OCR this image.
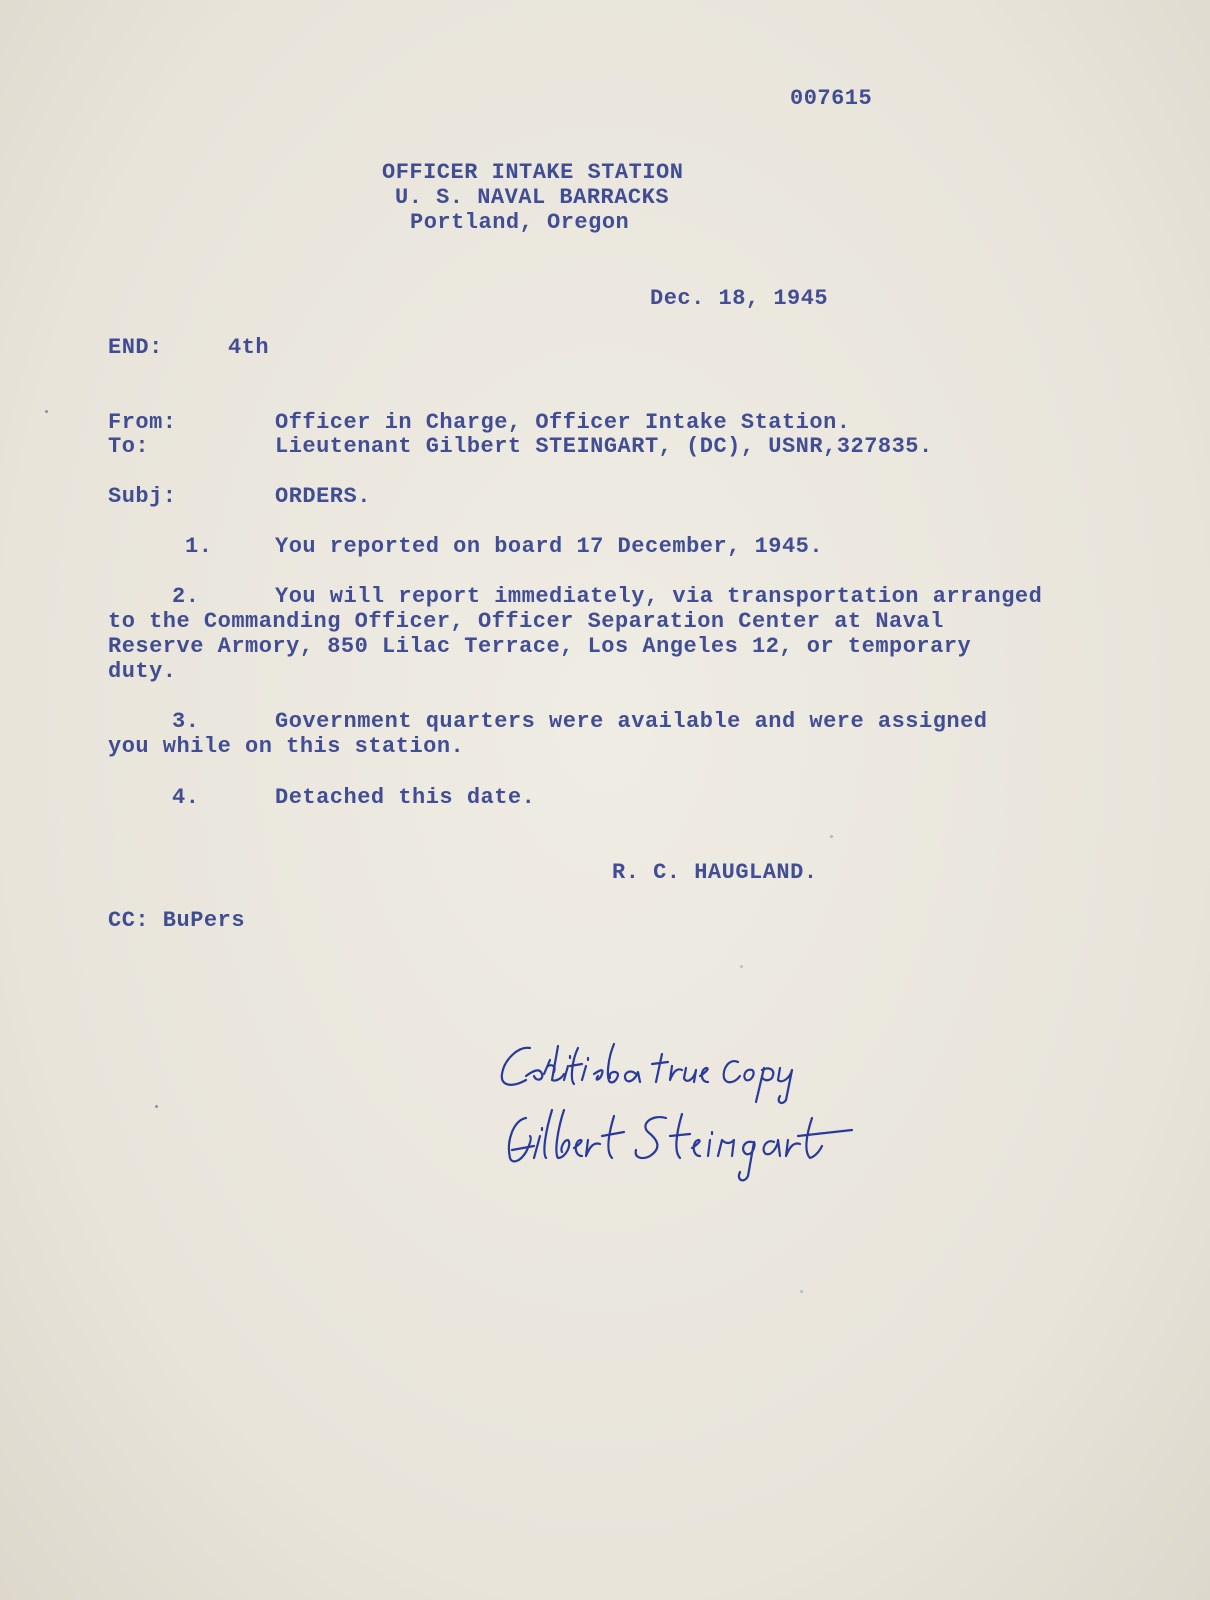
007615
OFFICER INTAKE STATION
U. S. NAVAL BARRACKS
Portland, Oregon
Dec. 18, 1945
END:	4th
From:	Officer in Charge, Officer Intake Station.
To:	Lieutenant Gilbert STEINGART, (DC), USNR,327835.
Subj:	ORDERS.
1.	You reported on board 17 December, 1945.
2.	You will report immediately, via transportation arranged
to the Commanding Officer, Officer Separation Center at Naval
Reserve Armory, 850 Lilac Terrace, Los Angeles 12, or temporary
duty.
3.	Government quarters were available and were assigned
you while on this station.
4.	Detached this date.
R. C. HAUGLAND.
CC: BuPers
